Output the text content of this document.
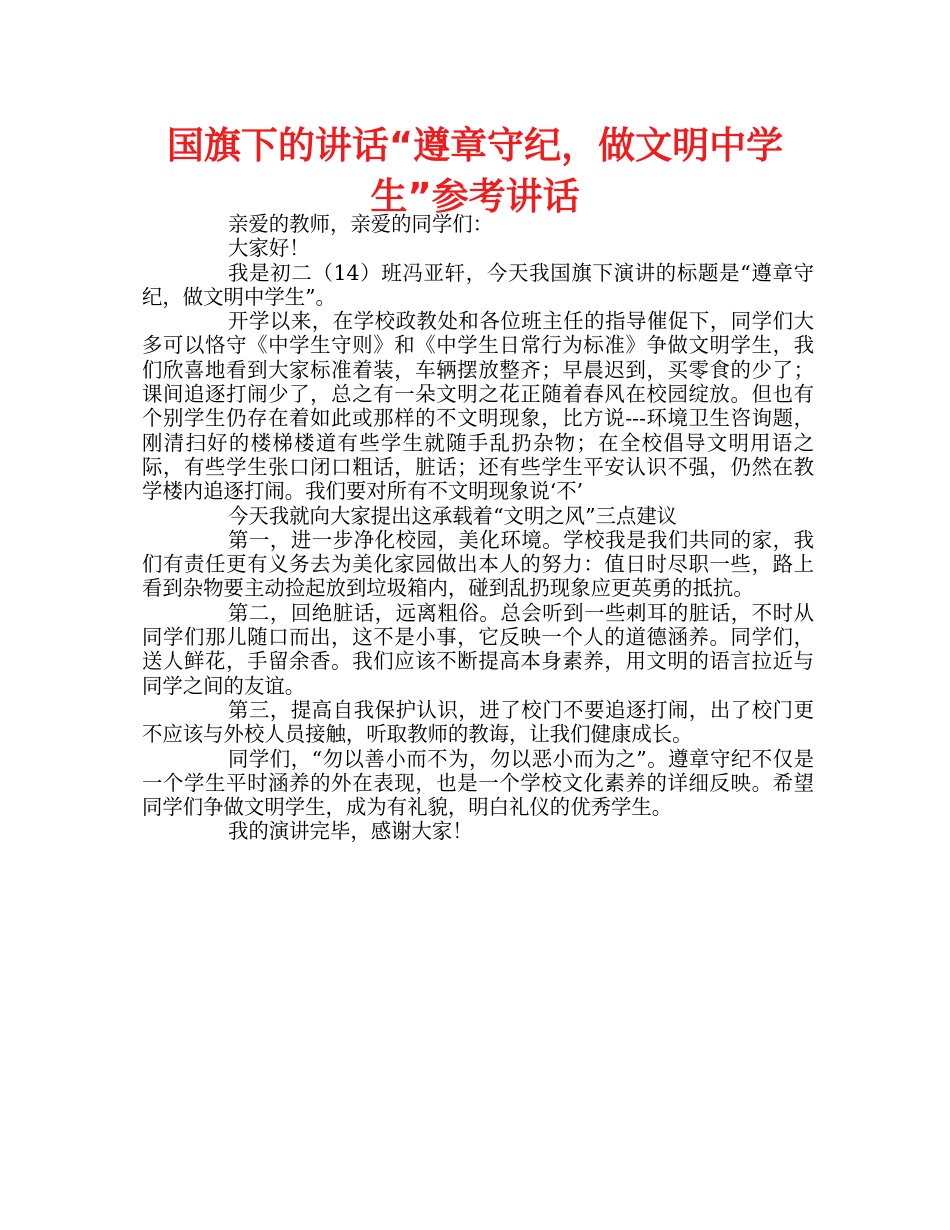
国旗下的讲话“遵章守纪，做文明中学
生”参考讲话

亲爱的教师，亲爱的同学们：

大家好！

我是初二（14）班冯亚轩，今天我国旗下演讲的标题是“遵章守纪，做文明中学生”。

开学以来，在学校政教处和各位班主任的指导催促下，同学们大多可以恪守《中学生守则》和《中学生日常行为标准》争做文明学生，我们欣喜地看到大家标准着装，车辆摆放整齐；早晨迟到，买零食的少了；课间追逐打闹少了，总之有一朵文明之花正随着春风在校园绽放。但也有个别学生仍存在着如此或那样的不文明现象，比方说---环境卫生咨询题，刚清扫好的楼梯楼道有些学生就随手乱扔杂物；在全校倡导文明用语之际，有些学生张口闭口粗话，脏话；还有些学生平安认识不强，仍然在教学楼内追逐打闹。我们要对所有不文明现象说‘不’

今天我就向大家提出这承载着“文明之风”三点建议

第一，进一步净化校园，美化环境。学校我是我们共同的家，我们有责任更有义务去为美化家园做出本人的努力：值日时尽职一些，路上看到杂物要主动捡起放到垃圾箱内，碰到乱扔现象应更英勇的抵抗。

第二，回绝脏话，远离粗俗。总会听到一些刺耳的脏话，不时从同学们那儿随口而出，这不是小事，它反映一个人的道德涵养。同学们，送人鲜花，手留余香。我们应该不断提高本身素养，用文明的语言拉近与同学之间的友谊。

第三，提高自我保护认识，进了校门不要追逐打闹，出了校门更不应该与外校人员接触，听取教师的教诲，让我们健康成长。

同学们，“勿以善小而不为，勿以恶小而为之”。遵章守纪不仅是一个学生平时涵养的外在表现，也是一个学校文化素养的详细反映。希望同学们争做文明学生，成为有礼貌，明白礼仪的优秀学生。

我的演讲完毕，感谢大家！
